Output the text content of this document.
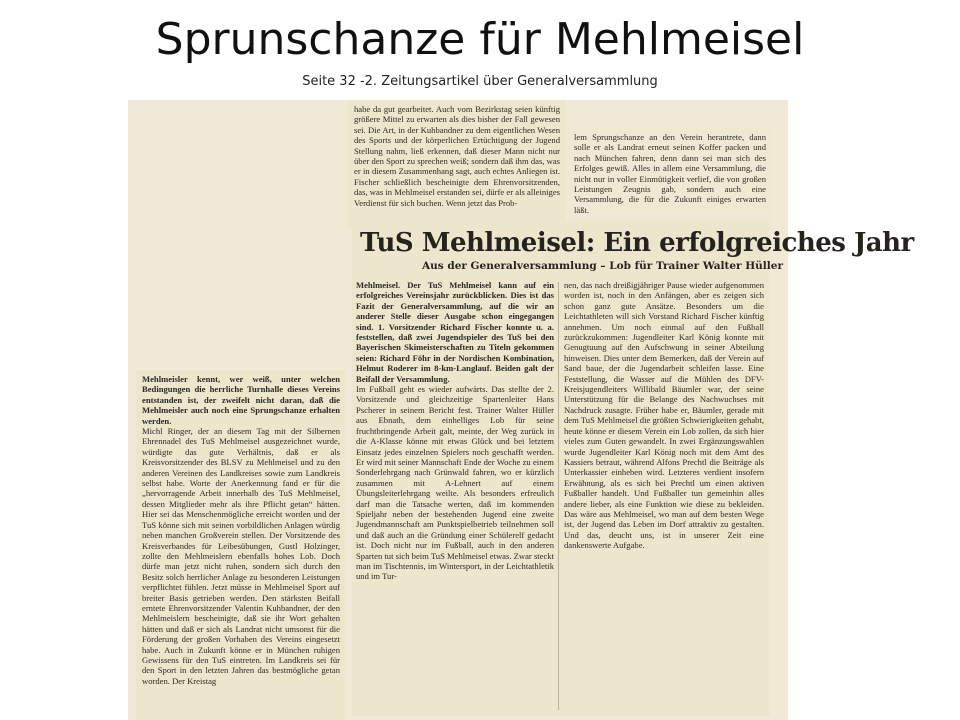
Sprunschanze für Mehlmeisel
Seite 32 -2. Zeitungsartikel über Generalversammlung

habe da gut gearbeitet. Auch vom Bezirkstag seien künftig größere Mittel zu erwarten als dies bisher der Fall gewesen sei. Die Art, in der Kuhbandner zu dem eigentlichen Wesen des Sports und der körperlichen Ertüchtigung der Jugend Stellung nahm, ließ erkennen, daß dieser Mann nicht nur über den Sport zu sprechen weiß; sondern daß ihm das, was er in diesem Zusammenhang sagt, auch echtes Anliegen ist. Fischer schließlich bescheinigte dem Ehrenvorsitzenden, das, was in Mehlmeisel erstanden sei, dürfe er als alleiniges Verdienst für sich buchen. Wenn jetzt das Prob-

lem Sprungschanze an den Verein herantrete, dann solle er als Landrat erneut seinen Koffer packen und nach München fahren, denn dann sei man sich des Erfolges gewiß. Alles in allem eine Versammlung, die nicht nur in voller Einmütigkeit verlief, die von großen Leistungen Zeugnis gab, sondern auch eine Versammlung, die für die Zukunft einiges erwarten läßt.

TuS Mehlmeisel: Ein erfolgreiches Jahr
Aus der Generalversammlung – Lob für Trainer Walter Hüller

Mehlmeisel. Der TuS Mehlmeisel kann auf ein erfolgreiches Vereinsjahr zurückblicken. Dies ist das Fazit der Generalversammlung, auf die wir an anderer Stelle dieser Ausgabe schon eingegangen sind. 1. Vorsitzender Richard Fischer konnte u. a. feststellen, daß zwei Jugendspieler des TuS bei den Bayerischen Skimeisterschaften zu Titeln gekommen seien: Richard Föhr in der Nordischen Kombination, Helmut Roderer im 8-km-Langlauf. Beiden galt der Beifall der Versammlung.

Im Fußball geht es wieder aufwärts. Das stellte der 2. Vorsitzende und gleichzeitige Spartenleiter Hans Pscherer in seinem Bericht fest. Trainer Walter Hüller aus Ebnath, dem einhelliges Lob für seine fruchtbringende Arbeit galt, meinte, der Weg zurück in die A-Klasse könne mit etwas Glück und bei letztem Einsatz jedes einzelnen Spielers noch geschafft werden. Er wird mit seiner Mannschaft Ende der Woche zu einem Sonderlehrgang nach Grünwald fahren, wo er kürzlich zusammen mit A-Lehnert auf einem Übungsleiterlehrgang weilte. Als besonders erfreulich darf man die Tatsache werten, daß im kommenden Spieljahr neben der bestehenden Jugend eine zweite Jugendmannschaft am Punktspielbetrieb teilnehmen soll und daß auch an die Gründung einer Schülerelf gedacht ist. Doch nicht nur im Fußball, auch in den anderen Sparten tut sich beim TuS Mehlmeisel etwas. Zwar steckt man im Tischtennis, im Wintersport, in der Leichtathletik und im Tur-

nen, das nach dreißigjähriger Pause wieder aufgenommen worden ist, noch in den Anfängen, aber es zeigen sich schon ganz gute Ansätze. Besonders um die Leichtathleten will sich Vorstand Richard Fischer künftig annehmen. Um noch einmal auf den Fußball zurückzukommen: Jugendleiter Karl König konnte mit Genugtuung auf den Aufschwung in seiner Abteilung hinweisen. Dies unter dem Bemerken, daß der Verein auf Sand baue, der die Jugendarbeit schleifen lasse. Eine Feststellung, die Wasser auf die Mühlen des DFV-Kreisjugendleiters Willibald Bäumler war, der seine Unterstützung für die Belange des Nachwuchses mit Nachdruck zusagte. Früher habe er, Bäumler, gerade mit dem TuS Mehlmeisel die größten Schwierigkeiten gehabt, heute könne er diesem Verein ein Lob zollen, da sich hier vieles zum Guten gewandelt. In zwei Ergänzungswahlen wurde Jugendleiter Karl König noch mit dem Amt des Kassiers betraut, während Alfons Prechtl die Beiträge als Unterkassier einheben wird. Letzteres verdient insofern Erwähnung, als es sich bei Prechtl um einen aktiven Fußballer handelt. Und Fußballer tun gemeinhin alles andere lieber, als eine Funktion wie diese zu bekleiden. Das wäre aus Mehlmeisel, wo man auf dem besten Wege ist, der Jugend das Leben im Dorf attraktiv zu gestalten. Und das, deucht uns, ist in unserer Zeit eine dankenswerte Aufgabe.

Mehlmeisler kennt, wer weiß, unter welchen Bedingungen die herrliche Turnhalle dieses Vereins entstanden ist, der zweifelt nicht daran, daß die Mehlmeisler auch noch eine Sprungschanze erhalten werden.

Michl Ringer, der an diesem Tag mit der Silbernen Ehrennadel des TuS Mehlmeisel ausgezeichnet wurde, würdigte das gute Verhältnis, daß er als Kreisvorsitzender des BLSV zu Mehlmeisel und zu den anderen Vereinen des Landkreises sowie zum Landkreis selbst habe. Worte der Anerkennung fand er für die „hervorragende Arbeit innerhalb des TuS Mehlmeisel, dessen Mitglieder mehr als ihre Pflicht getan“ hätten. Hier sei das Menschenmögliche erreicht worden und der TuS könne sich mit seinen vorbildlichen Anlagen würdig neben manchen Großverein stellen. Der Vorsitzende des Kreisverbandes für Leibesübungen, Gustl Holzinger, zollte den Mehlmeislern ebenfalls hohes Lob. Doch dürfe man jetzt nicht ruhen, sondern sich durch den Besitz solch herrlicher Anlage zu besonderen Leistungen verpflichtet fühlen. Jetzt müsse in Mehlmeisel Sport auf breiter Basis getrieben werden. Den stärksten Beifall erntete Ehrenvorsitzender Valentin Kuhbandner, der den Mehlmeislern bescheinigte, daß sie ihr Wort gehalten hätten und daß er sich als Landrat nicht umsonst für die Förderung der großen Vorhaben des Vereins eingesetzt habe. Auch in Zukunft könne er in München ruhigen Gewissens für den TuS eintreten. Im Landkreis sei für den Sport in den letzten Jahren das bestmögliche getan worden. Der Kreistag
